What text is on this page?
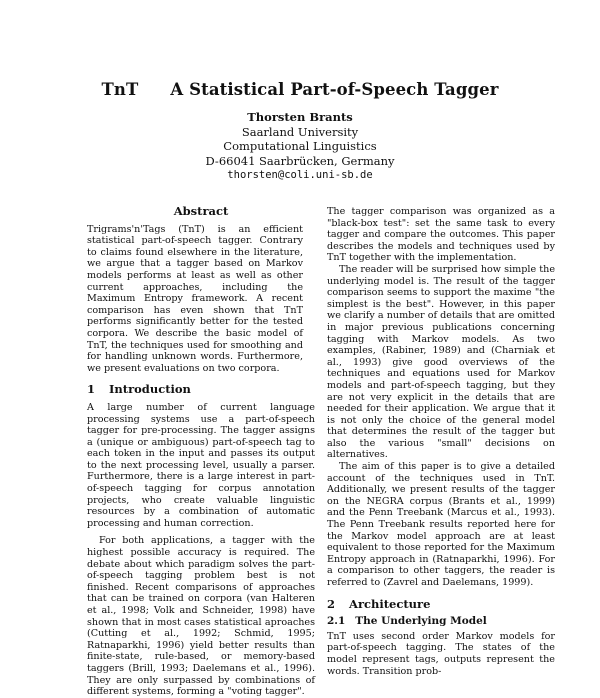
TnT A Statistical Part-of-Speech Tagger
Thorsten Brants
Saarland University
Computational Linguistics
D-66041 Saarbrücken, Germany
thorsten@coli.uni-sb.de
Abstract

Trigrams'n'Tags (TnT) is an efficient statistical part-of-speech tagger. Contrary to claims found elsewhere in the literature, we argue that a tagger based on Markov models performs at least as well as other current approaches, including the Maximum Entropy framework. A recent comparison has even shown that TnT performs significantly better for the tested corpora. We describe the basic model of TnT, the techniques used for smoothing and for handling unknown words. Furthermore, we present evaluations on two corpora.

1 Introduction

A large number of current language processing systems use a part-of-speech tagger for pre-processing. The tagger assigns a (unique or ambiguous) part-of-speech tag to each token in the input and passes its output to the next processing level, usually a parser. Furthermore, there is a large interest in part-of-speech tagging for corpus annotation projects, who create valuable linguistic resources by a combination of automatic processing and human correction.

For both applications, a tagger with the highest possible accuracy is required. The debate about which paradigm solves the part-of-speech tagging problem best is not finished. Recent comparisons of approaches that can be trained on corpora (van Halteren et al., 1998; Volk and Schneider, 1998) have shown that in most cases statistical aproaches (Cutting et al., 1992; Schmid, 1995; Ratnaparkhi, 1996) yield better results than finite-state, rule-based, or memory-based taggers (Brill, 1993; Daelemans et al., 1996). They are only surpassed by combinations of different systems, forming a "voting tagger".

The tagger comparison was organized as a "black-box test": set the same task to every tagger and compare the outcomes. This paper describes the models and techniques used by TnT together with the implementation.

The reader will be surprised how simple the underlying model is. The result of the tagger comparison seems to support the maxime "the simplest is the best". However, in this paper we clarify a number of details that are omitted in major previous publications concerning tagging with Markov models. As two examples, (Rabiner, 1989) and (Charniak et al., 1993) give good overviews of the techniques and equations used for Markov models and part-of-speech tagging, but they are not very explicit in the details that are needed for their application. We argue that it is not only the choice of the general model that determines the result of the tagger but also the various "small" decisions on alternatives.

The aim of this paper is to give a detailed account of the techniques used in TnT. Additionally, we present results of the tagger on the NEGRA corpus (Brants et al., 1999) and the Penn Treebank (Marcus et al., 1993). The Penn Treebank results reported here for the Markov model approach are at least equivalent to those reported for the Maximum Entropy approach in (Ratnaparkhi, 1996). For a comparison to other taggers, the reader is referred to (Zavrel and Daelemans, 1999).

2 Architecture
2.1 The Underlying Model

TnT uses second order Markov models for part-of-speech tagging. The states of the model represent tags, outputs represent the words. Transition prob-
